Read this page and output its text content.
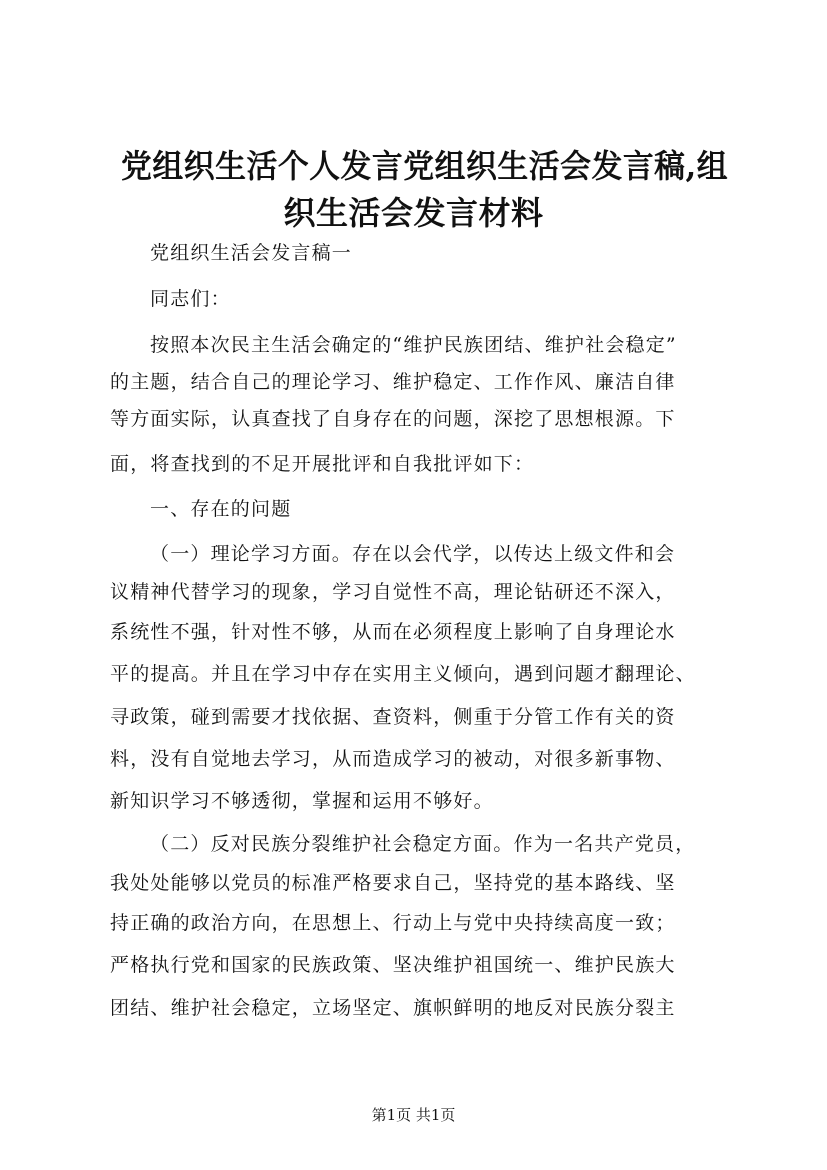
党组织生活个人发言党组织生活会发言稿,组
织生活会发言材料
党组织生活会发言稿一
同志们：
按照本次民主生活会确定的“维护民族团结、维护社会稳定”
的主题，结合自己的理论学习、维护稳定、工作作风、廉洁自律
等方面实际，认真查找了自身存在的问题，深挖了思想根源。下
面，将查找到的不足开展批评和自我批评如下：
一、存在的问题
（一）理论学习方面。存在以会代学，以传达上级文件和会
议精神代替学习的现象，学习自觉性不高，理论钻研还不深入，
系统性不强，针对性不够，从而在必须程度上影响了自身理论水
平的提高。并且在学习中存在实用主义倾向，遇到问题才翻理论、
寻政策，碰到需要才找依据、查资料，侧重于分管工作有关的资
料，没有自觉地去学习，从而造成学习的被动，对很多新事物、
新知识学习不够透彻，掌握和运用不够好。
（二）反对民族分裂维护社会稳定方面。作为一名共产党员，
我处处能够以党员的标准严格要求自己，坚持党的基本路线、坚
持正确的政治方向，在思想上、行动上与党中央持续高度一致；
严格执行党和国家的民族政策、坚决维护祖国统一、维护民族大
团结、维护社会稳定，立场坚定、旗帜鲜明的地反对民族分裂主
第1页 共1页
